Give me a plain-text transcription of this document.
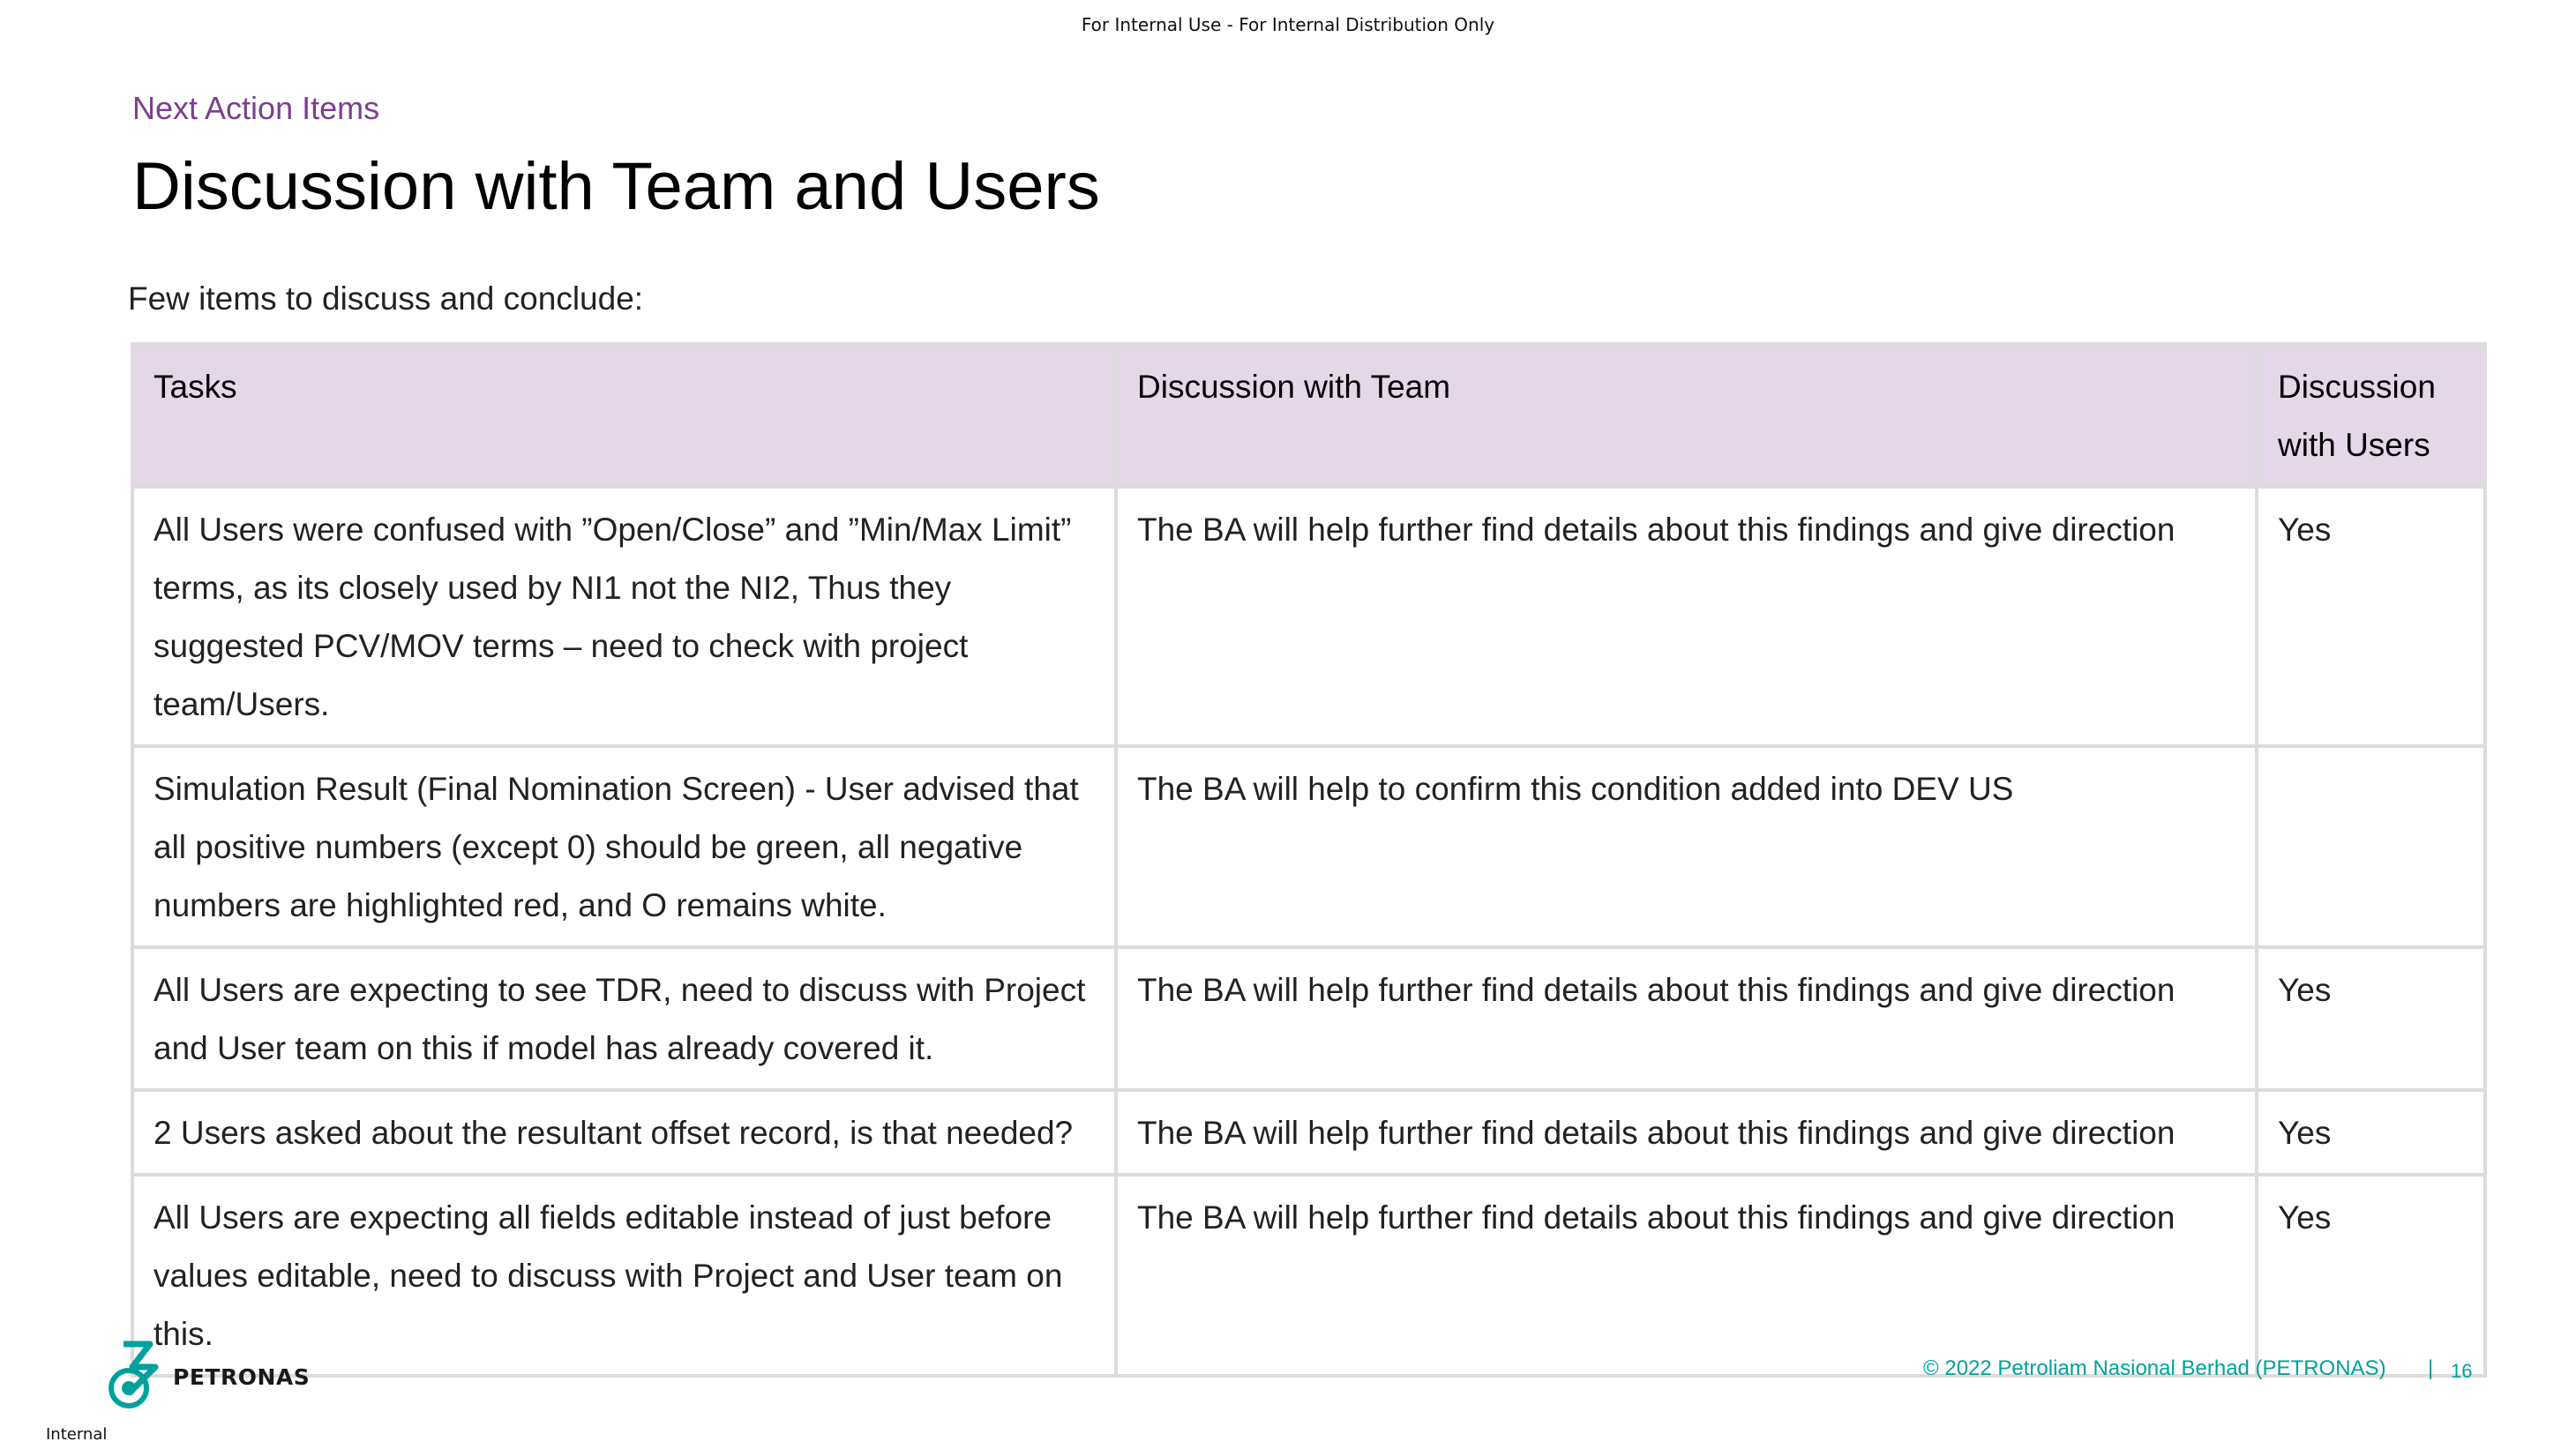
For Internal Use - For Internal Distribution Only
Next Action Items
Discussion with Team and Users
Few items to discuss and conclude:
Tasks	Discussion with Team	Discussion with Users
All Users were confused with ”Open/Close” and ”Min/Max Limit” terms, as its closely used by NI1 not the NI2, Thus they suggested PCV/MOV terms – need to check with project team/Users.	The BA will help further find details about this findings and give direction	Yes
Simulation Result (Final Nomination Screen) - User advised that all positive numbers (except 0) should be green, all negative numbers are highlighted red, and O remains white.	The BA will help to confirm this condition added into DEV US	
All Users are expecting to see TDR, need to discuss with Project and User team on this if model has already covered it.	The BA will help further find details about this findings and give direction	Yes
2 Users asked about the resultant offset record, is that needed?	The BA will help further find details about this findings and give direction	Yes
All Users are expecting all fields editable instead of just before values editable, need to discuss with Project and User team on this.	The BA will help further find details about this findings and give direction	Yes
PETRONAS	© 2022 Petroliam Nasional Berhad (PETRONAS) | 16
Internal
